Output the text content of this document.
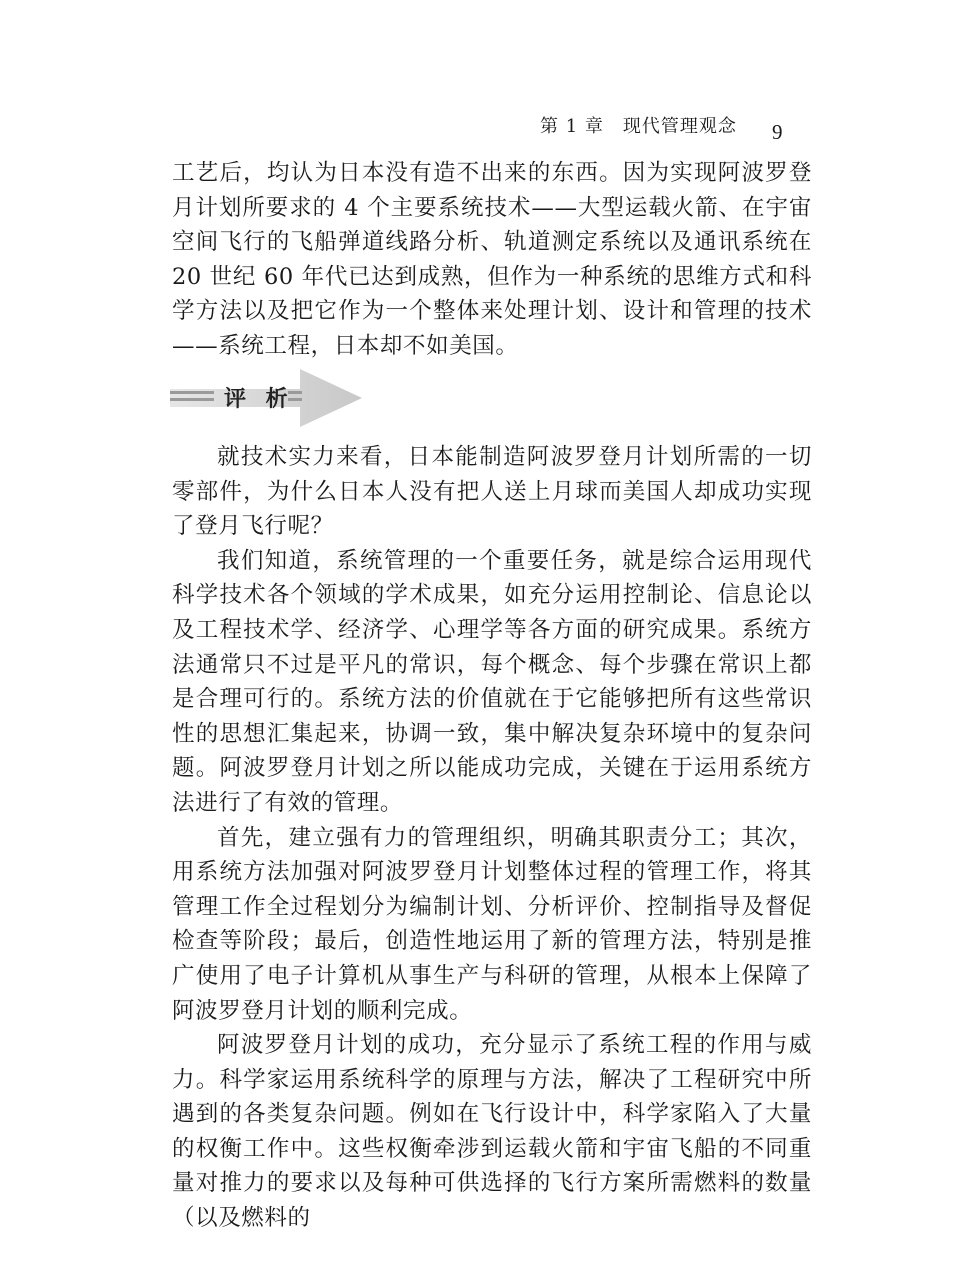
第 1 章　现代管理观念 9

工艺后，均认为日本没有造不出来的东西。因为实现阿波罗登月计划所要求的 4 个主要系统技术——大型运载火箭、在宇宙空间飞行的飞船弹道线路分析、轨道测定系统以及通讯系统在 20 世纪 60 年代已达到成熟，但作为一种系统的思维方式和科学方法以及把它作为一个整体来处理计划、设计和管理的技术——系统工程，日本却不如美国。

评 析

就技术实力来看，日本能制造阿波罗登月计划所需的一切零部件，为什么日本人没有把人送上月球而美国人却成功实现了登月飞行呢？

我们知道，系统管理的一个重要任务，就是综合运用现代科学技术各个领域的学术成果，如充分运用控制论、信息论以及工程技术学、经济学、心理学等各方面的研究成果。系统方法通常只不过是平凡的常识，每个概念、每个步骤在常识上都是合理可行的。系统方法的价值就在于它能够把所有这些常识性的思想汇集起来，协调一致，集中解决复杂环境中的复杂问题。阿波罗登月计划之所以能成功完成，关键在于运用系统方法进行了有效的管理。

首先，建立强有力的管理组织，明确其职责分工；其次，用系统方法加强对阿波罗登月计划整体过程的管理工作，将其管理工作全过程划分为编制计划、分析评价、控制指导及督促检查等阶段；最后，创造性地运用了新的管理方法，特别是推广使用了电子计算机从事生产与科研的管理，从根本上保障了阿波罗登月计划的顺利完成。

阿波罗登月计划的成功，充分显示了系统工程的作用与威力。科学家运用系统科学的原理与方法，解决了工程研究中所遇到的各类复杂问题。例如在飞行设计中，科学家陷入了大量的权衡工作中。这些权衡牵涉到运载火箭和宇宙飞船的不同重量对推力的要求以及每种可供选择的飞行方案所需燃料的数量（以及燃料的
